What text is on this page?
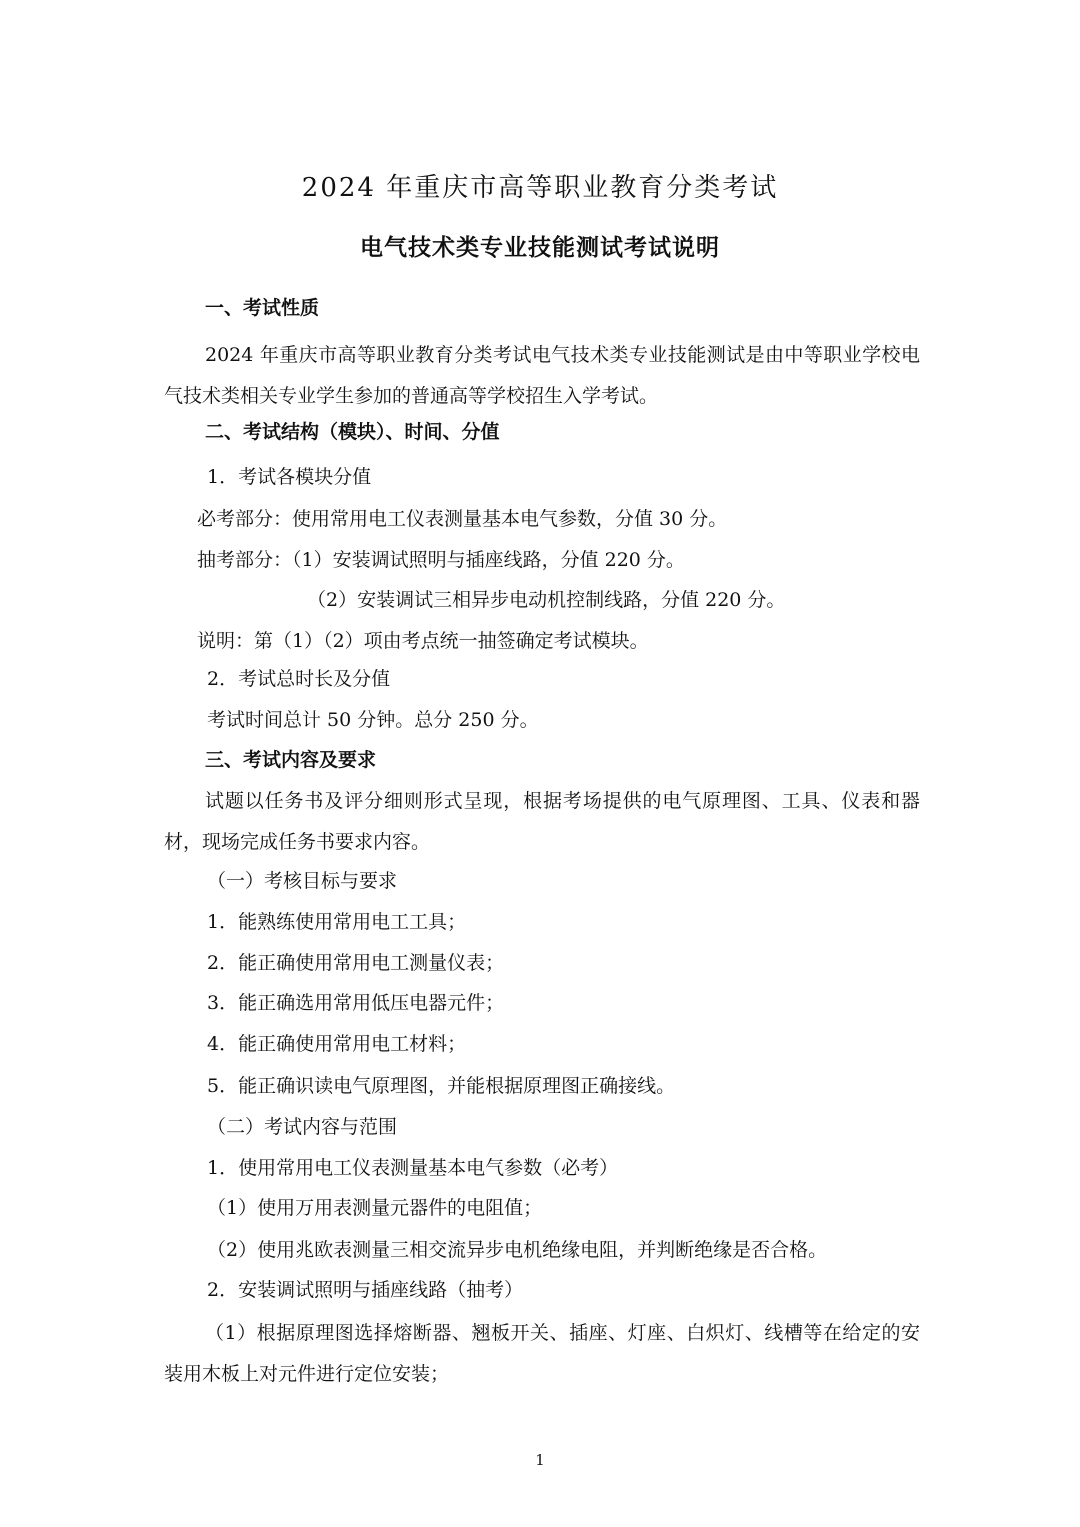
2024 年重庆市高等职业教育分类考试
电气技术类专业技能测试考试说明
一、考试性质
2024 年重庆市高等职业教育分类考试电气技术类专业技能测试是由中等职业学校电气技术类相关专业学生参加的普通高等学校招生入学考试。
二、考试结构（模块）、时间、分值
1．考试各模块分值
必考部分：使用常用电工仪表测量基本电气参数，分值 30 分。
抽考部分：（1）安装调试照明与插座线路，分值 220 分。
（2）安装调试三相异步电动机控制线路，分值 220 分。
说明：第（1）（2）项由考点统一抽签确定考试模块。
2．考试总时长及分值
考试时间总计 50 分钟。总分 250 分。
三、考试内容及要求
试题以任务书及评分细则形式呈现，根据考场提供的电气原理图、工具、仪表和器材，现场完成任务书要求内容。
（一）考核目标与要求
1．能熟练使用常用电工工具；
2．能正确使用常用电工测量仪表；
3．能正确选用常用低压电器元件；
4．能正确使用常用电工材料；
5．能正确识读电气原理图，并能根据原理图正确接线。
（二）考试内容与范围
1．使用常用电工仪表测量基本电气参数（必考）
（1）使用万用表测量元器件的电阻值；
（2）使用兆欧表测量三相交流异步电机绝缘电阻，并判断绝缘是否合格。
2．安装调试照明与插座线路（抽考）
（1）根据原理图选择熔断器、翘板开关、插座、灯座、白炽灯、线槽等在给定的安装用木板上对元件进行定位安装；
1
